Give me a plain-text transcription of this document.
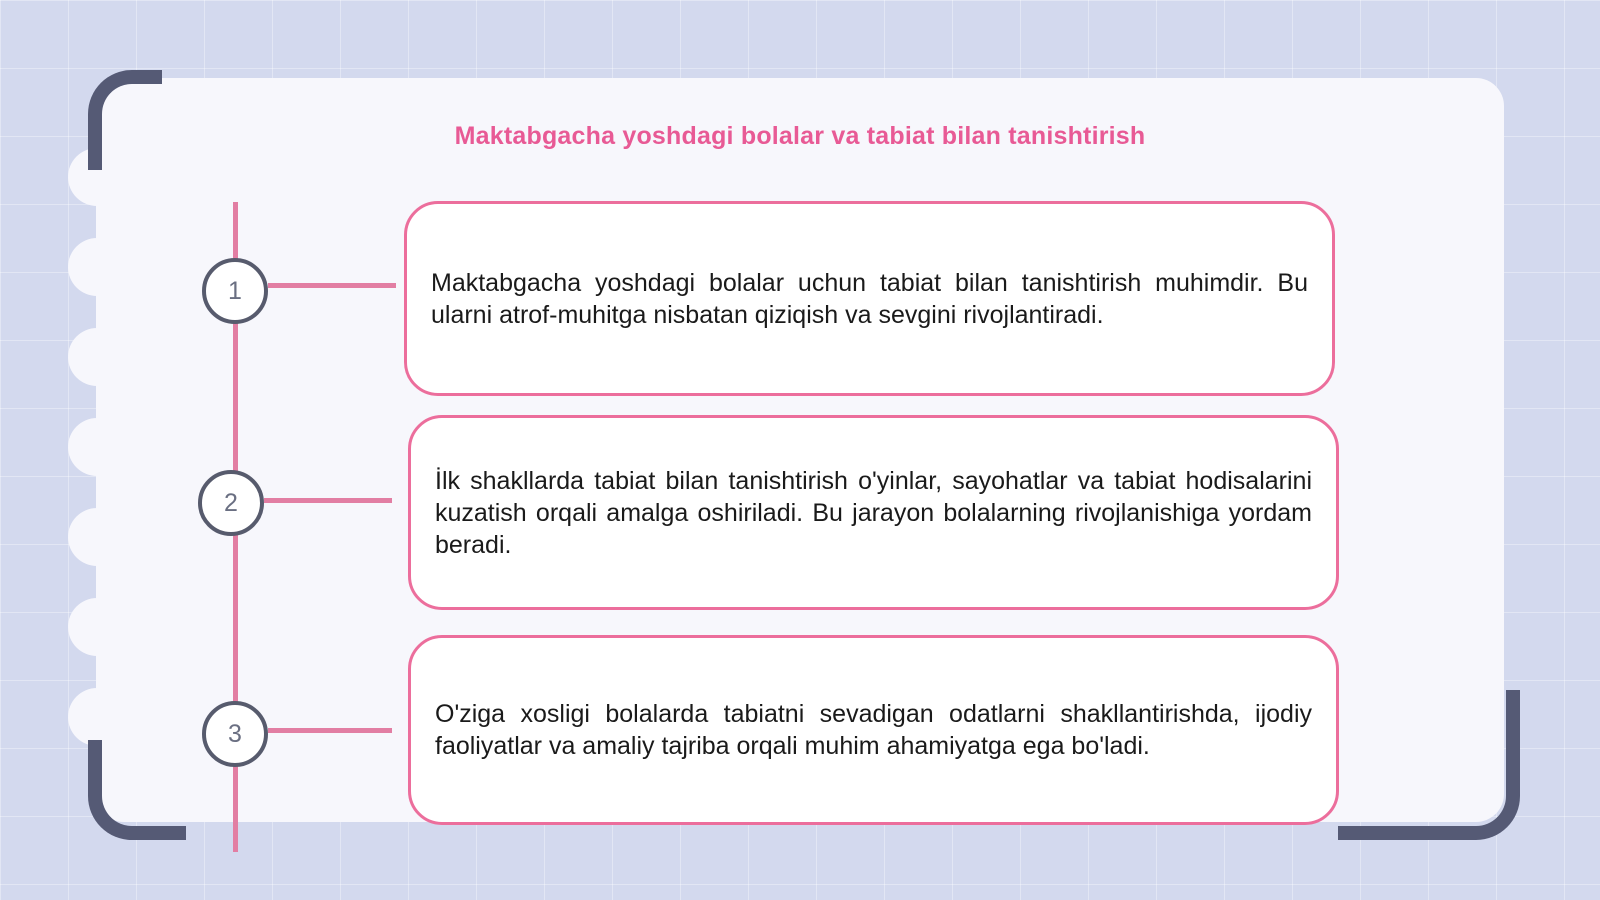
Maktabgacha yoshdagi bolalar va tabiat bilan tanishtirish
1
2
3
Maktabgacha yoshdagi bolalar uchun tabiat bilan tanishtirish muhimdir. Bu ularni atrof-muhitga nisbatan qiziqish va sevgini rivojlantiradi.
İlk shakllarda tabiat bilan tanishtirish o'yinlar, sayohatlar va tabiat hodisalarini kuzatish orqali amalga oshiriladi. Bu jarayon bolalarning rivojlanishiga yordam beradi.
O'ziga xosligi bolalarda tabiatni sevadigan odatlarni shakllantirishda, ijodiy faoliyatlar va amaliy tajriba orqali muhim ahamiyatga ega bo'ladi.
